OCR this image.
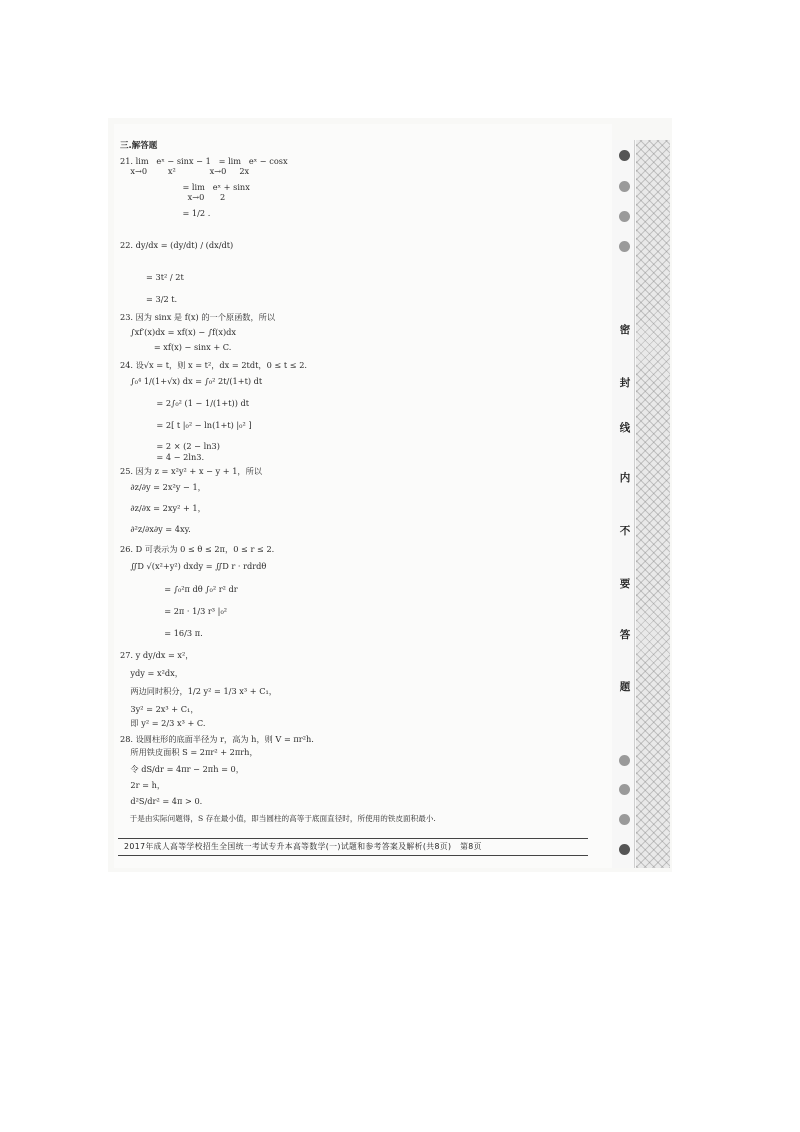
密
封
线
内
不
要
答
题
三.解答题
21. lim   eˣ − sinx − 1   = lim   eˣ − cosx
x→0        x²             x→0     2x
= lim   eˣ + sinx
x→0      2
= 1/2 .
22. dy/dx = (dy/dt) / (dx/dt)
= 3t² / 2t
= 3/2 t.
23. 因为 sinx 是 f(x) 的一个原函数，所以
∫xf′(x)dx = xf(x) − ∫f(x)dx
= xf(x) − sinx + C.
24. 设√x = t，则 x = t²，dx = 2tdt，0 ≤ t ≤ 2.
∫₀⁴ 1/(1+√x) dx = ∫₀² 2t/(1+t) dt
= 2∫₀² (1 − 1/(1+t)) dt
= 2[ t |₀² − ln(1+t) |₀² ]
= 2 × (2 − ln3)
= 4 − 2ln3.
25. 因为 z = x²y² + x − y + 1，所以
∂z/∂y = 2x²y − 1，
∂z/∂x = 2xy² + 1，
∂²z/∂x∂y = 4xy.
26. D 可表示为 0 ≤ θ ≤ 2π，0 ≤ r ≤ 2.
∬D √(x²+y²) dxdy = ∬D r · rdrdθ
= ∫₀²π dθ ∫₀² r² dr
= 2π · 1/3 r³ |₀²
= 16/3 π.
27. y dy/dx = x²，
ydy = x²dx，
两边同时积分，1/2 y² = 1/3 x³ + C₁，
3y² = 2x³ + C₁，
即 y² = 2/3 x³ + C.
28. 设圆柱形的底面半径为 r，高为 h，则 V = πr²h.
所用铁皮面积 S = 2πr² + 2πrh，
令 dS/dr = 4πr − 2πh = 0，
2r = h，
d²S/dr² = 4π > 0.
于是由实际问题得，S 存在最小值，即当圆柱的高等于底面直径时，所使用的铁皮面积最小.
2017年成人高等学校招生全国统一考试专升本高等数学(一)试题和参考答案及解析(共8页)   第8页
